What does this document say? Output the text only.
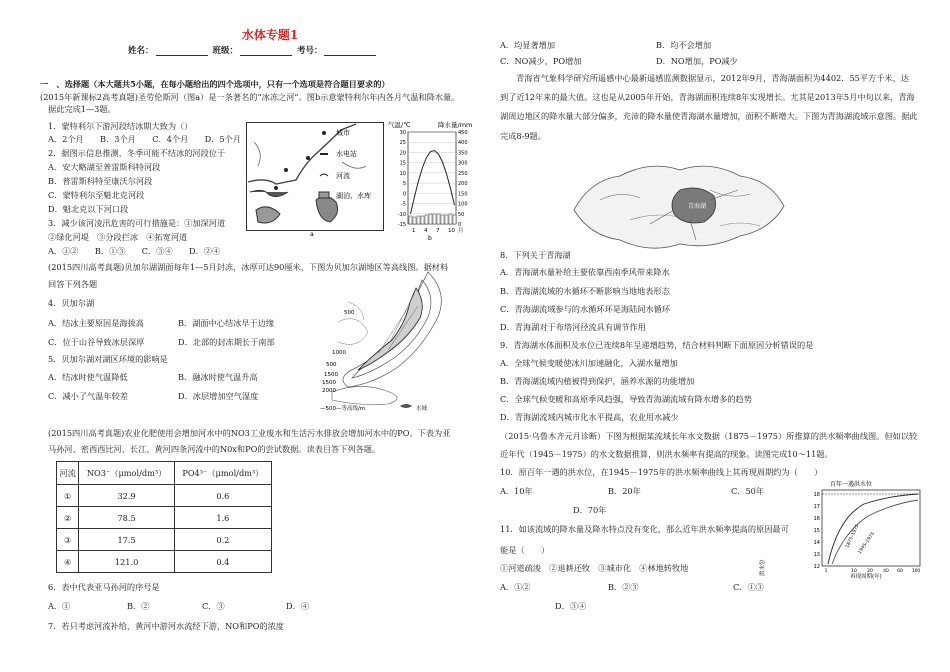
水体专题1
姓名：	班级：	考号：
一　、选择题（本大题共5小题，在每小题给出的四个选项中，只有一个选项是符合题目要求的）
(2015年新课标2高考真题)圣劳伦斯河（图a）是一条著名的“冰冻之河”。图b示意蒙特利尔年内各月气温和降水量。
据此完成1—3题。
1．蒙特利尔下游河段结冰期大致为（）
A．2个月　　B．3个月　　C．4个月　　D．5个月
2．据图示信息推测，冬季可能不结冰的河段位于
A．安大略湖至普雷斯科特河段
B．普雷斯科特至康沃尔河段
C．蒙特利尔至魁北克河段
D．魁北克以下河口段
3．减少该河凌汛危害的可行措施是：①加深河道
②绿化河堤　③分段拦冰　④拓宽河道
A．①②　　B．①③　　C．③④　　D．②④
a
城市
水电站
河流
湖泊、水库
气温/℃	降水量/mm
30
25
20
15
10
5
0
-5
-10
-15
450
400
350
300
250
200
150
100
50
0
1 4 7 10 月
b
(2015四川高考真题)贝加尔湖湖面每年1—5月封冻，冰厚可达90厘米，下图为贝加尔湖地区等高线图。据材料
回答下列各题
4．贝加尔湖
A．结冰主要原因是海拔高	B．湖面中心结冰早于边缘
C．位于山谷导致冰层深厚	D．北部的封冻期长于南部
5．贝加尔湖对湖区环境的影响是
A．结冰时使气温降低	B．融冰时使气温升高
C．减小了气温年较差	D．冰层增加空气湿度
500
1000
500
1500
1500
2000
—500—等高线/m	水域
(2015四川高考真题)农业化肥使用会增加河水中的NO3工业废水和生活污水排放会增加河水中的PO。下表为亚
马孙河、密西西比河、长江、黄河四条河流中的N0x和PO的尝试数据。读表目答下列各题。
河流	NO3⁻（μmol/dm³）	PO4³⁻（μmol/dm³）
①	32.9	0.6
②	78.5	1.6
③	17.5	0.2
④	121.0	0.4
6．表中代表亚马孙河的序号是
A．①	B．②	C．③	D．④
7．若只考虑河流补给，黄河中游河水流经下游，NO和PO的浓度
A．均显著增加	B．均不会增加
C．NO减少，PO增加	D．NO增加，PO减少
青海省气象科学研究所遥感中心最新遥感监测数据显示，2012年9月，青海湖面积为4402．55平方千米，达
到了近12年来的最大值。这也是从2005年开始，青海湖面积连续8年实现增长。尤其是2013年5月中旬以来，青海
湖周边地区的降水量大部分偏多，充沛的降水量使青海湖水量增加，面积不断增大。下图为青海湖流域示意图。据此
完成8-9题。
青海湖
8．下列关于青海湖
A．青海湖水量补给主要依靠西南季风带来降水
B．青海湖流域的水循环不断影响当地地表形态
C．青海湖流域参与的水循环环是海陆间水循环
D．青海湖对于布塔河径流具有调节作用
9．青海湖水体面积及水位已连续8年呈递增趋势，结合材料判断下面原因分析错误的是
A．全球气候变暖使冰川加速融化，入湖水量增加
B．青海湖流域内植被得到保护，涵养水源的功能增加
C．全球气候变暖和高原季风趋强，导致青海湖流域有降水增多的趋势
D．青海湖流域内城市化水平提高，农业用水减少
（2015·乌鲁木齐元月诊断）下图为根据某流域长年水文数据（1875－1975）所推算的洪水频率曲线图。但如以较
近年代（1945－1975）的水文数据推算，则洪水频率有提高的现象。读图完成10～11题。
10．原百年一遇的洪水位，在1945－1975年的洪水频率曲线上其再现周期约为（　　）
A．10年	B．20年	C．50年
D．70年
11．如该流域的降水量及降水特点没有变化，那么近年洪水频率提高的原因最可
能是（　　）
①河道疏浚　②退耕还牧　③城市化　④林地转牧地
A．①②	B．②③	C．①③
D．③④
百年一遇洪水位
洪水位
18
17
16
15
14
13
12
1	10 20 40 60 100
1875–1975
1945–1975
再现周期(年)
